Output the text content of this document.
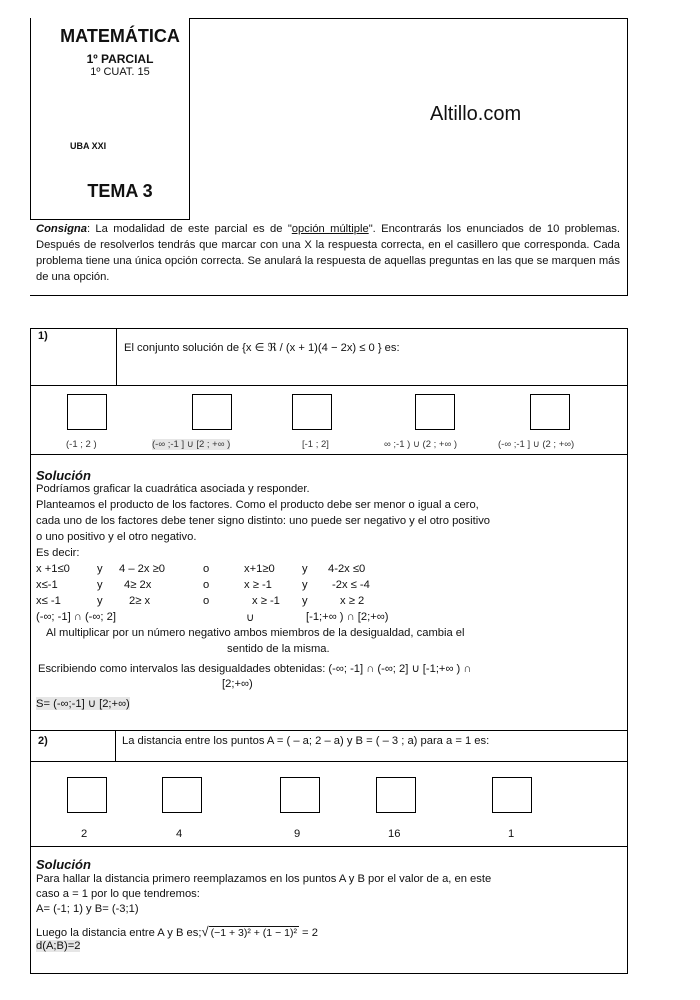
MATEMÁTICA
1º PARCIAL
1º CUAT. 15
UBA XXI
TEMA 3
Altillo.com
Consigna: La modalidad de este parcial es de "opción múltiple". Encontrarás los enunciados de 10 problemas. Después de resolverlos tendrás que marcar con una X la respuesta correcta, en el casillero que corresponda. Cada problema tiene una única opción correcta. Se anulará la respuesta de aquellas preguntas en las que se marquen más de una opción.
1)
El conjunto solución de {x ∈ ℜ / (x + 1)(4 − 2x) ≤ 0 } es:
(-1 ; 2 )	(-∞ ;-1 ] ∪ [2 ; +∞ )	[-1 ; 2]	∞ ;-1 ) ∪ (2 ; +∞ )	(-∞ ;-1 ] ∪ (2 ; +∞)
Solución
Podríamos graficar la cuadrática asociada y responder.
Planteamos el producto de los factores. Como el producto debe ser menor o igual a cero,
cada uno de los factores debe tener signo distinto: uno puede ser negativo y el otro positivo
o uno positivo y el otro negativo.
Es decir:
x +1≤0 y 4 – 2x ≥0	o	x+1≥0 y 4-2x ≤0
x≤-1	y 4≥ 2x	o	x ≥ -1	y -2x ≤ -4
x≤ -1	y 2≥ x	o	x ≥ -1 y	x ≥ 2
(-∞; -1] ∩ (-∞; 2]	∪	[-1;+∞ ) ∩ [2;+∞)
Al multiplicar por un número negativo ambos miembros de la desigualdad, cambia el
sentido de la misma.
Escribiendo como intervalos las desigualdades obtenidas: (-∞; -1] ∩ (-∞; 2] ∪ [-1;+∞ ) ∩
[2;+∞)
S= (-∞;-1] ∪ [2;+∞)
2)	La distancia entre los puntos A = ( – a; 2 – a) y B = ( – 3 ; a) para a = 1 es:
2	4	9	16	1
Solución
Para hallar la distancia primero reemplazamos en los puntos A y B por el valor de a, en este
caso a = 1 por lo que tendremos:
A= (-1; 1) y B= (-3;1)
Luego la distancia entre A y B es;√ (−1 + 3)² + (1 − 1)² = 2
d(A;B)=2
